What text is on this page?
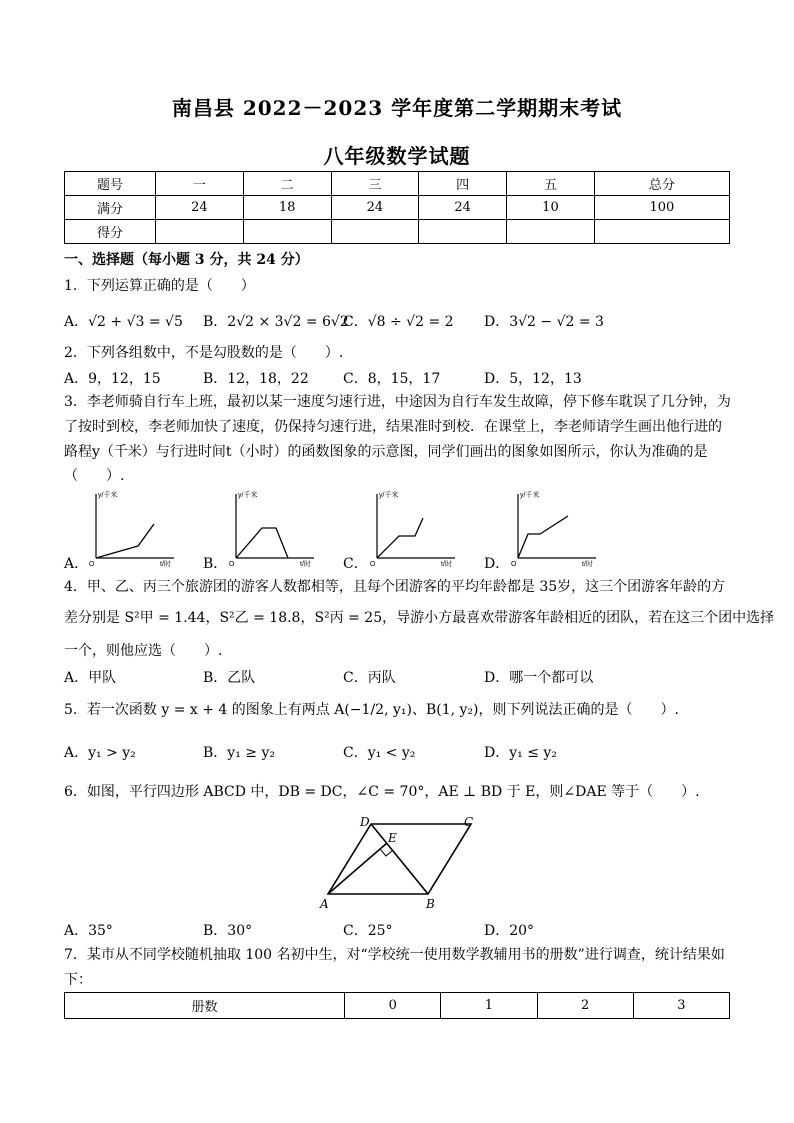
南昌县 2022－2023 学年度第二学期期末考试
八年级数学试题
题号	一	二	三	四	五	总分
满分	24	18	24	24	10	100
得分						
一、选择题（每小题 3 分，共 24 分）
1．下列运算正确的是（　　）
A．√2 + √3 = √5 B．2√2 × 3√2 = 6√2
C．√8 ÷ √2 = 2 D．3√2 − √2 = 3
2．下列各组数中，不是勾股数的是（　　）.
A．9，12，15	B．12，18，22 C．8，15，17	D．5，12，13
3．李老师骑自行车上班，最初以某一速度匀速行进，中途因为自行车发生故障，停下修车耽误了几分钟，为
了按时到校，李老师加快了速度，仍保持匀速行进，结果准时到校．在课堂上，李老师请学生画出他行进的
路程y（千米）与行进时间t（小时）的函数图象的示意图，同学们画出的图象如图所示，你认为准确的是
（　　）.
A．	B．	C．	D．
y/千米
t/时
O
y/千米
t/时
O
y/千米
t/时
O
y/千米
t/时
O
4．甲、乙、丙三个旅游团的游客人数都相等，且每个团游客的平均年龄都是 35岁，这三个团游客年龄的方
差分别是 S²甲 = 1.44，S²乙 = 18.8，S²丙 = 25，导游小方最喜欢带游客年龄相近的团队，若在这三个团中选择
一个，则他应选（　　）.
A．甲队	B．乙队	C．丙队	D．哪一个都可以
5．若一次函数 y = x + 4 的图象上有两点 A(−1/2, y₁)、B(1, y₂)，则下列说法正确的是（　　）.
A．y₁ > y₂	B．y₁ ≥ y₂	C．y₁ < y₂	D．y₁ ≤ y₂
6．如图，平行四边形 ABCD 中，DB = DC，∠C = 70°，AE ⊥ BD 于 E，则∠DAE 等于（　　）.
D	C
E
A	B
A．35°	B．30°	C．25°	D．20°
7．某市从不同学校随机抽取 100 名初中生，对“学校统一使用数学教辅用书的册数”进行调查，统计结果如
下：
册数	0	1	2	3
